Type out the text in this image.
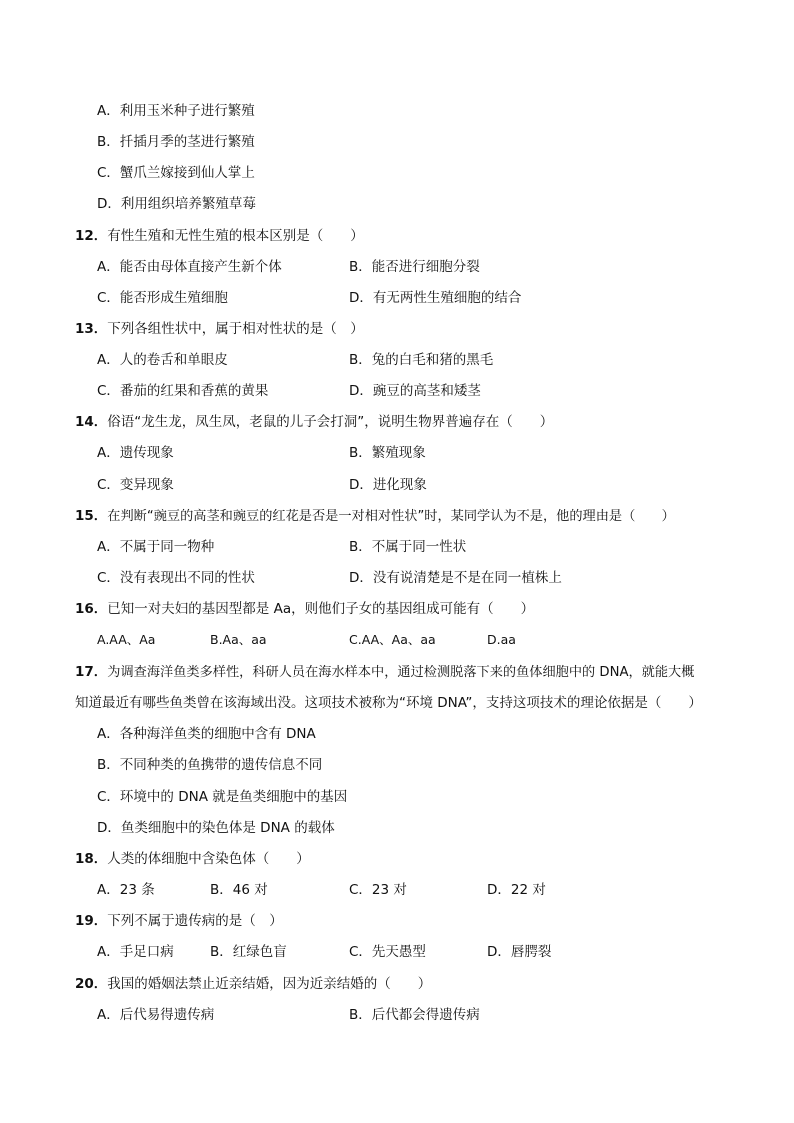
A．利用玉米种子进行繁殖
B．扦插月季的茎进行繁殖
C．蟹爪兰嫁接到仙人掌上
D．利用组织培养繁殖草莓
12．有性生殖和无性生殖的根本区别是（　　）
A．能否由母体直接产生新个体	B．能否进行细胞分裂
C．能否形成生殖细胞	D．有无两性生殖细胞的结合
13．下列各组性状中，属于相对性状的是（　）
A．人的卷舌和单眼皮	B．兔的白毛和猪的黑毛
C．番茄的红果和香蕉的黄果	D．豌豆的高茎和矮茎
14．俗语“龙生龙，凤生凤，老鼠的儿子会打洞”，说明生物界普遍存在（　　）
A．遗传现象	B．繁殖现象
C．变异现象	D．进化现象
15．在判断“豌豆的高茎和豌豆的红花是否是一对相对性状”时，某同学认为不是，他的理由是（　　）
A．不属于同一物种	B．不属于同一性状
C．没有表现出不同的性状	D．没有说清楚是不是在同一植株上
16．已知一对夫妇的基因型都是 Aa，则他们子女的基因组成可能有（　　）
A.AA、Aa	B.Aa、aa	C.AA、Aa、aa	D.aa
17．为调查海洋鱼类多样性，科研人员在海水样本中，通过检测脱落下来的鱼体细胞中的 DNA，就能大概
知道最近有哪些鱼类曾在该海域出没。这项技术被称为“环境 DNA”，支持这项技术的理论依据是（　　）
A．各种海洋鱼类的细胞中含有 DNA
B．不同种类的鱼携带的遗传信息不同
C．环境中的 DNA 就是鱼类细胞中的基因
D．鱼类细胞中的染色体是 DNA 的载体
18．人类的体细胞中含染色体（　　）
A．23 条	B．46 对	C．23 对	D．22 对
19．下列不属于遗传病的是（　）
A．手足口病	B．红绿色盲	C．先天愚型	D．唇腭裂
20．我国的婚姻法禁止近亲结婚，因为近亲结婚的（　　）
A．后代易得遗传病	B．后代都会得遗传病
